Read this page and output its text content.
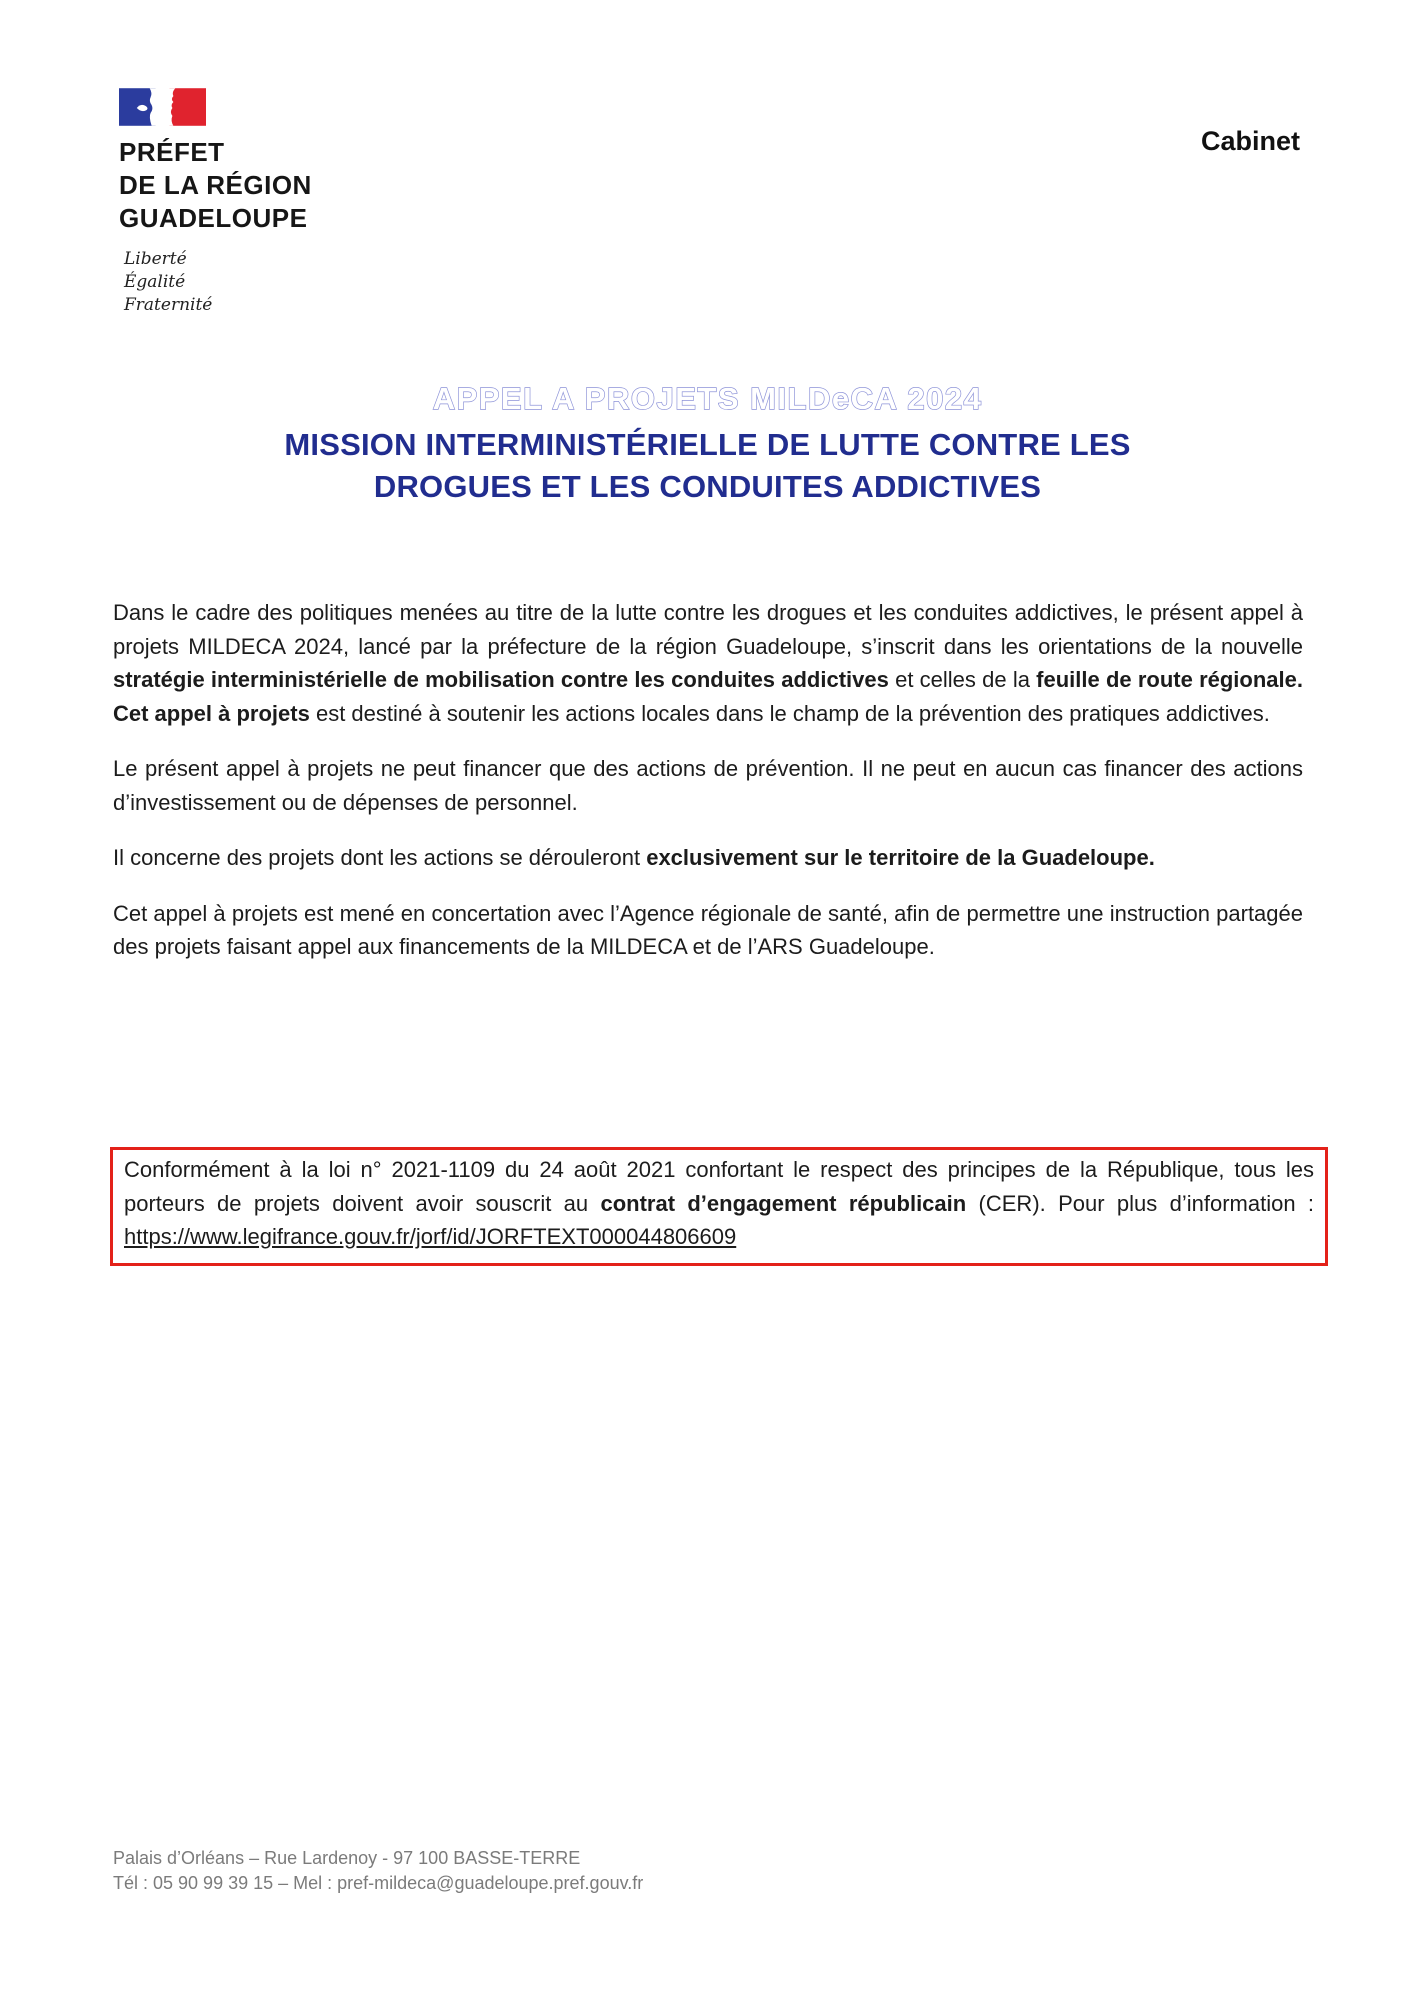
PRÉFET
DE LA RÉGION
GUADELOUPE
Liberté
Égalité
Fraternité
Cabinet
APPEL A PROJETS MILDeCA 2024
MISSION INTERMINISTÉRIELLE DE LUTTE CONTRE LES
DROGUES ET LES CONDUITES ADDICTIVES

Dans le cadre des politiques menées au titre de la lutte contre les drogues et les conduites addictives, le présent appel à projets MILDECA 2024, lancé par la préfecture de la région Guadeloupe, s’inscrit dans les orientations de la nouvelle stratégie interministérielle de mobilisation contre les conduites addictives et celles de la feuille de route régionale. Cet appel à projets est destiné à soutenir les actions locales dans le champ de la prévention des pratiques addictives.

Le présent appel à projets ne peut financer que des actions de prévention. Il ne peut en aucun cas financer des actions d’investissement ou de dépenses de personnel.

Il concerne des projets dont les actions se dérouleront exclusivement sur le territoire de la Guadeloupe.

Cet appel à projets est mené en concertation avec l’Agence régionale de santé, afin de permettre une instruction partagée des projets faisant appel aux financements de la MILDECA et de l’ARS Guadeloupe.

Conformément à la loi n° 2021-1109 du 24 août 2021 confortant le respect des principes de la République, tous les porteurs de projets doivent avoir souscrit au contrat d’engagement républicain (CER). Pour plus d’information : https://www.legifrance.gouv.fr/jorf/id/JORFTEXT000044806609
Palais d’Orléans – Rue Lardenoy - 97 100 BASSE-TERRE
Tél : 05 90 99 39 15 – Mel : pref-mildeca@guadeloupe.pref.gouv.fr
